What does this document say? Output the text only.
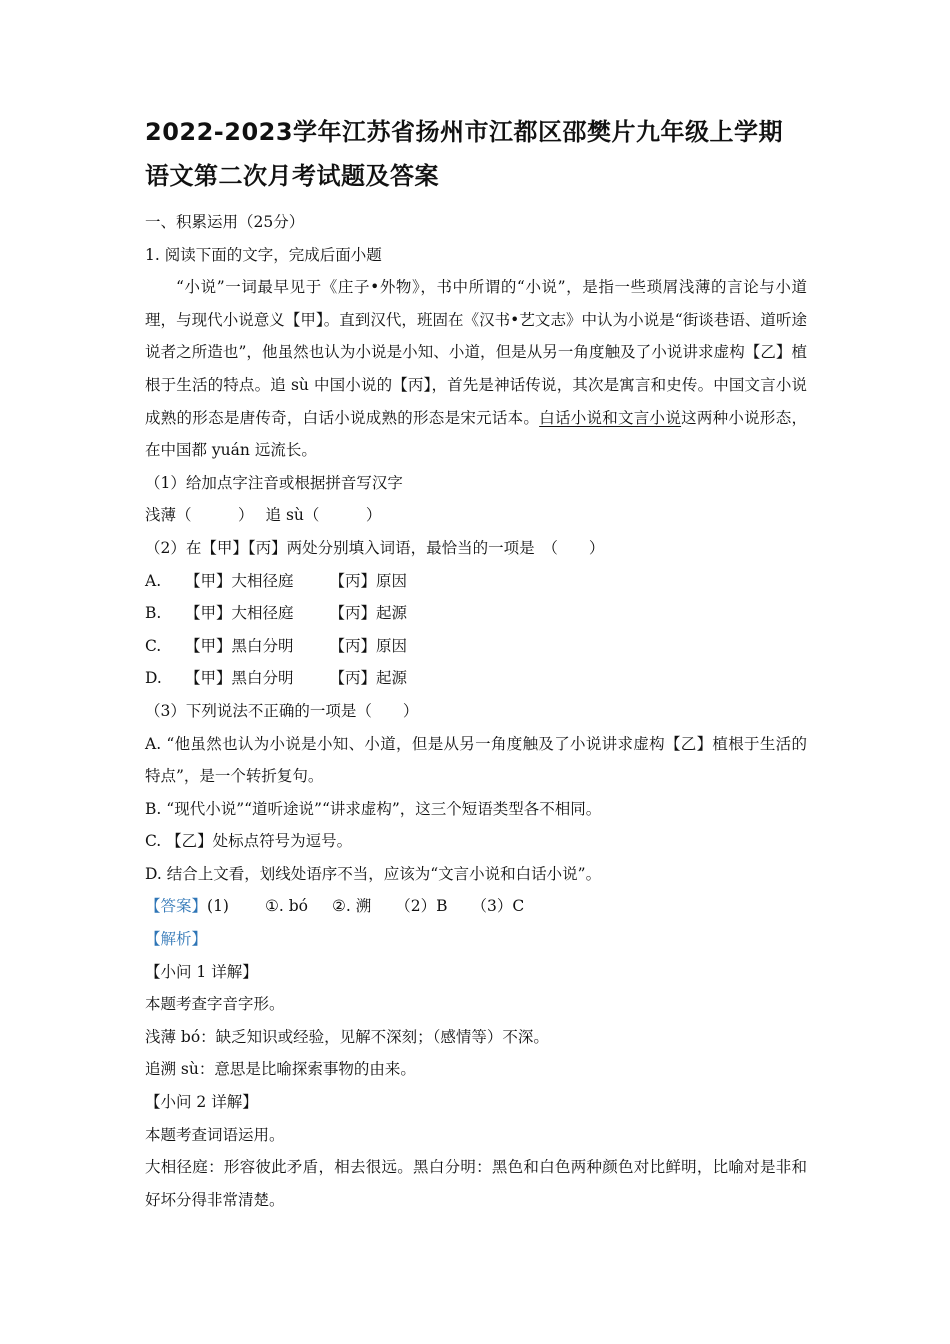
2022-2023学年江苏省扬州市江都区邵樊片九年级上学期语文第二次月考试题及答案

一、积累运用（25分）

1. 阅读下面的文字，完成后面小题

“小说”一词最早见于《庄子•外物》，书中所谓的“小说”，是指一些琐屑浅薄的言论与小道理，与现代小说意义【甲】。直到汉代，班固在《汉书•艺文志》中认为小说是“街谈巷语、道听途说者之所造也”，他虽然也认为小说是小知、小道，但是从另一角度触及了小说讲求虚构【乙】植根于生活的特点。追 sù 中国小说的【丙】，首先是神话传说，其次是寓言和史传。中国文言小说成熟的形态是唐传奇，白话小说成熟的形态是宋元话本。白话小说和文言小说这两种小说形态，在中国都 yuán 远流长。

（1）给加点字注音或根据拼音写汉字

浅薄（　　　） 追 sù（　　　）

（2）在【甲】【丙】两处分别填入词语，最恰当的一项是　（　　）

A. 【甲】大相径庭 【丙】原因

B. 【甲】大相径庭 【丙】起源

C. 【甲】黑白分明 【丙】原因

D. 【甲】黑白分明 【丙】起源

（3）下列说法不正确的一项是（　　）

A. “他虽然也认为小说是小知、小道，但是从另一角度触及了小说讲求虚构【乙】植根于生活的特点”，是一个转折复句。

B. “现代小说”“道听途说”“讲求虚构”，这三个短语类型各不相同。

C. 【乙】处标点符号为逗号。

D. 结合上文看，划线处语序不当，应该为“文言小说和白话小说”。

【答案】(1) ①. bó ②. 溯 （2）B （3）C

【解析】

【小问 1 详解】

本题考查字音字形。

浅薄 bó：缺乏知识或经验，见解不深刻；（感情等）不深。

追溯 sù：意思是比喻探索事物的由来。

【小问 2 详解】

本题考查词语运用。

大相径庭：形容彼此矛盾，相去很远。黑白分明：黑色和白色两种颜色对比鲜明，比喻对是非和好坏分得非常清楚。
